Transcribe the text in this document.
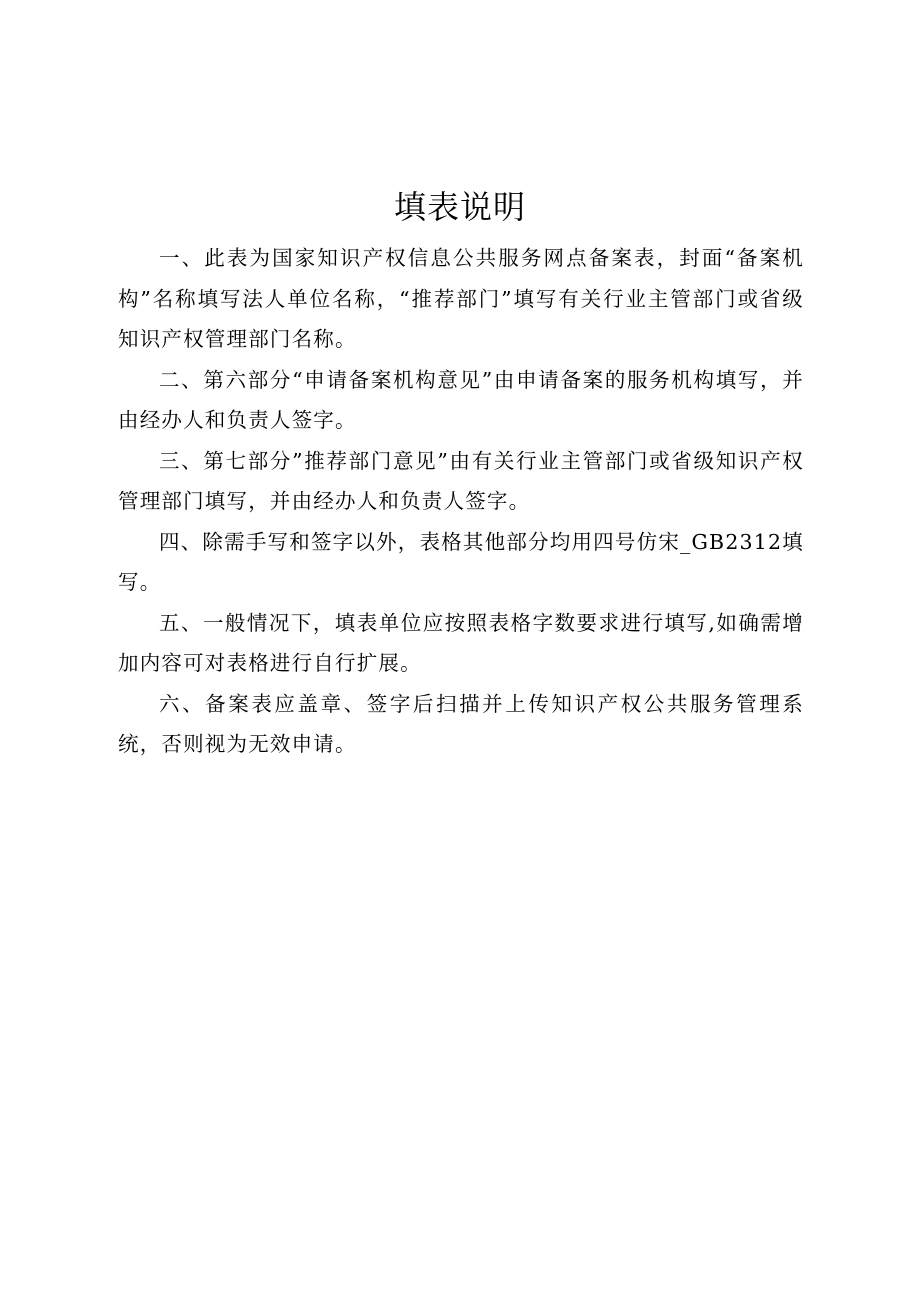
填表说明

一、此表为国家知识产权信息公共服务网点备案表，封面“备案机构”名称填写法人单位名称，“推荐部门”填写有关行业主管部门或省级知识产权管理部门名称。

二、第六部分“申请备案机构意见”由申请备案的服务机构填写，并由经办人和负责人签字。

三、第七部分”推荐部门意见”由有关行业主管部门或省级知识产权管理部门填写，并由经办人和负责人签字。

四、除需手写和签字以外，表格其他部分均用四号仿宋_GB2312填写。

五、一般情况下，填表单位应按照表格字数要求进行填写,如确需增加内容可对表格进行自行扩展。

六、备案表应盖章、签字后扫描并上传知识产权公共服务管理系统，否则视为无效申请。
